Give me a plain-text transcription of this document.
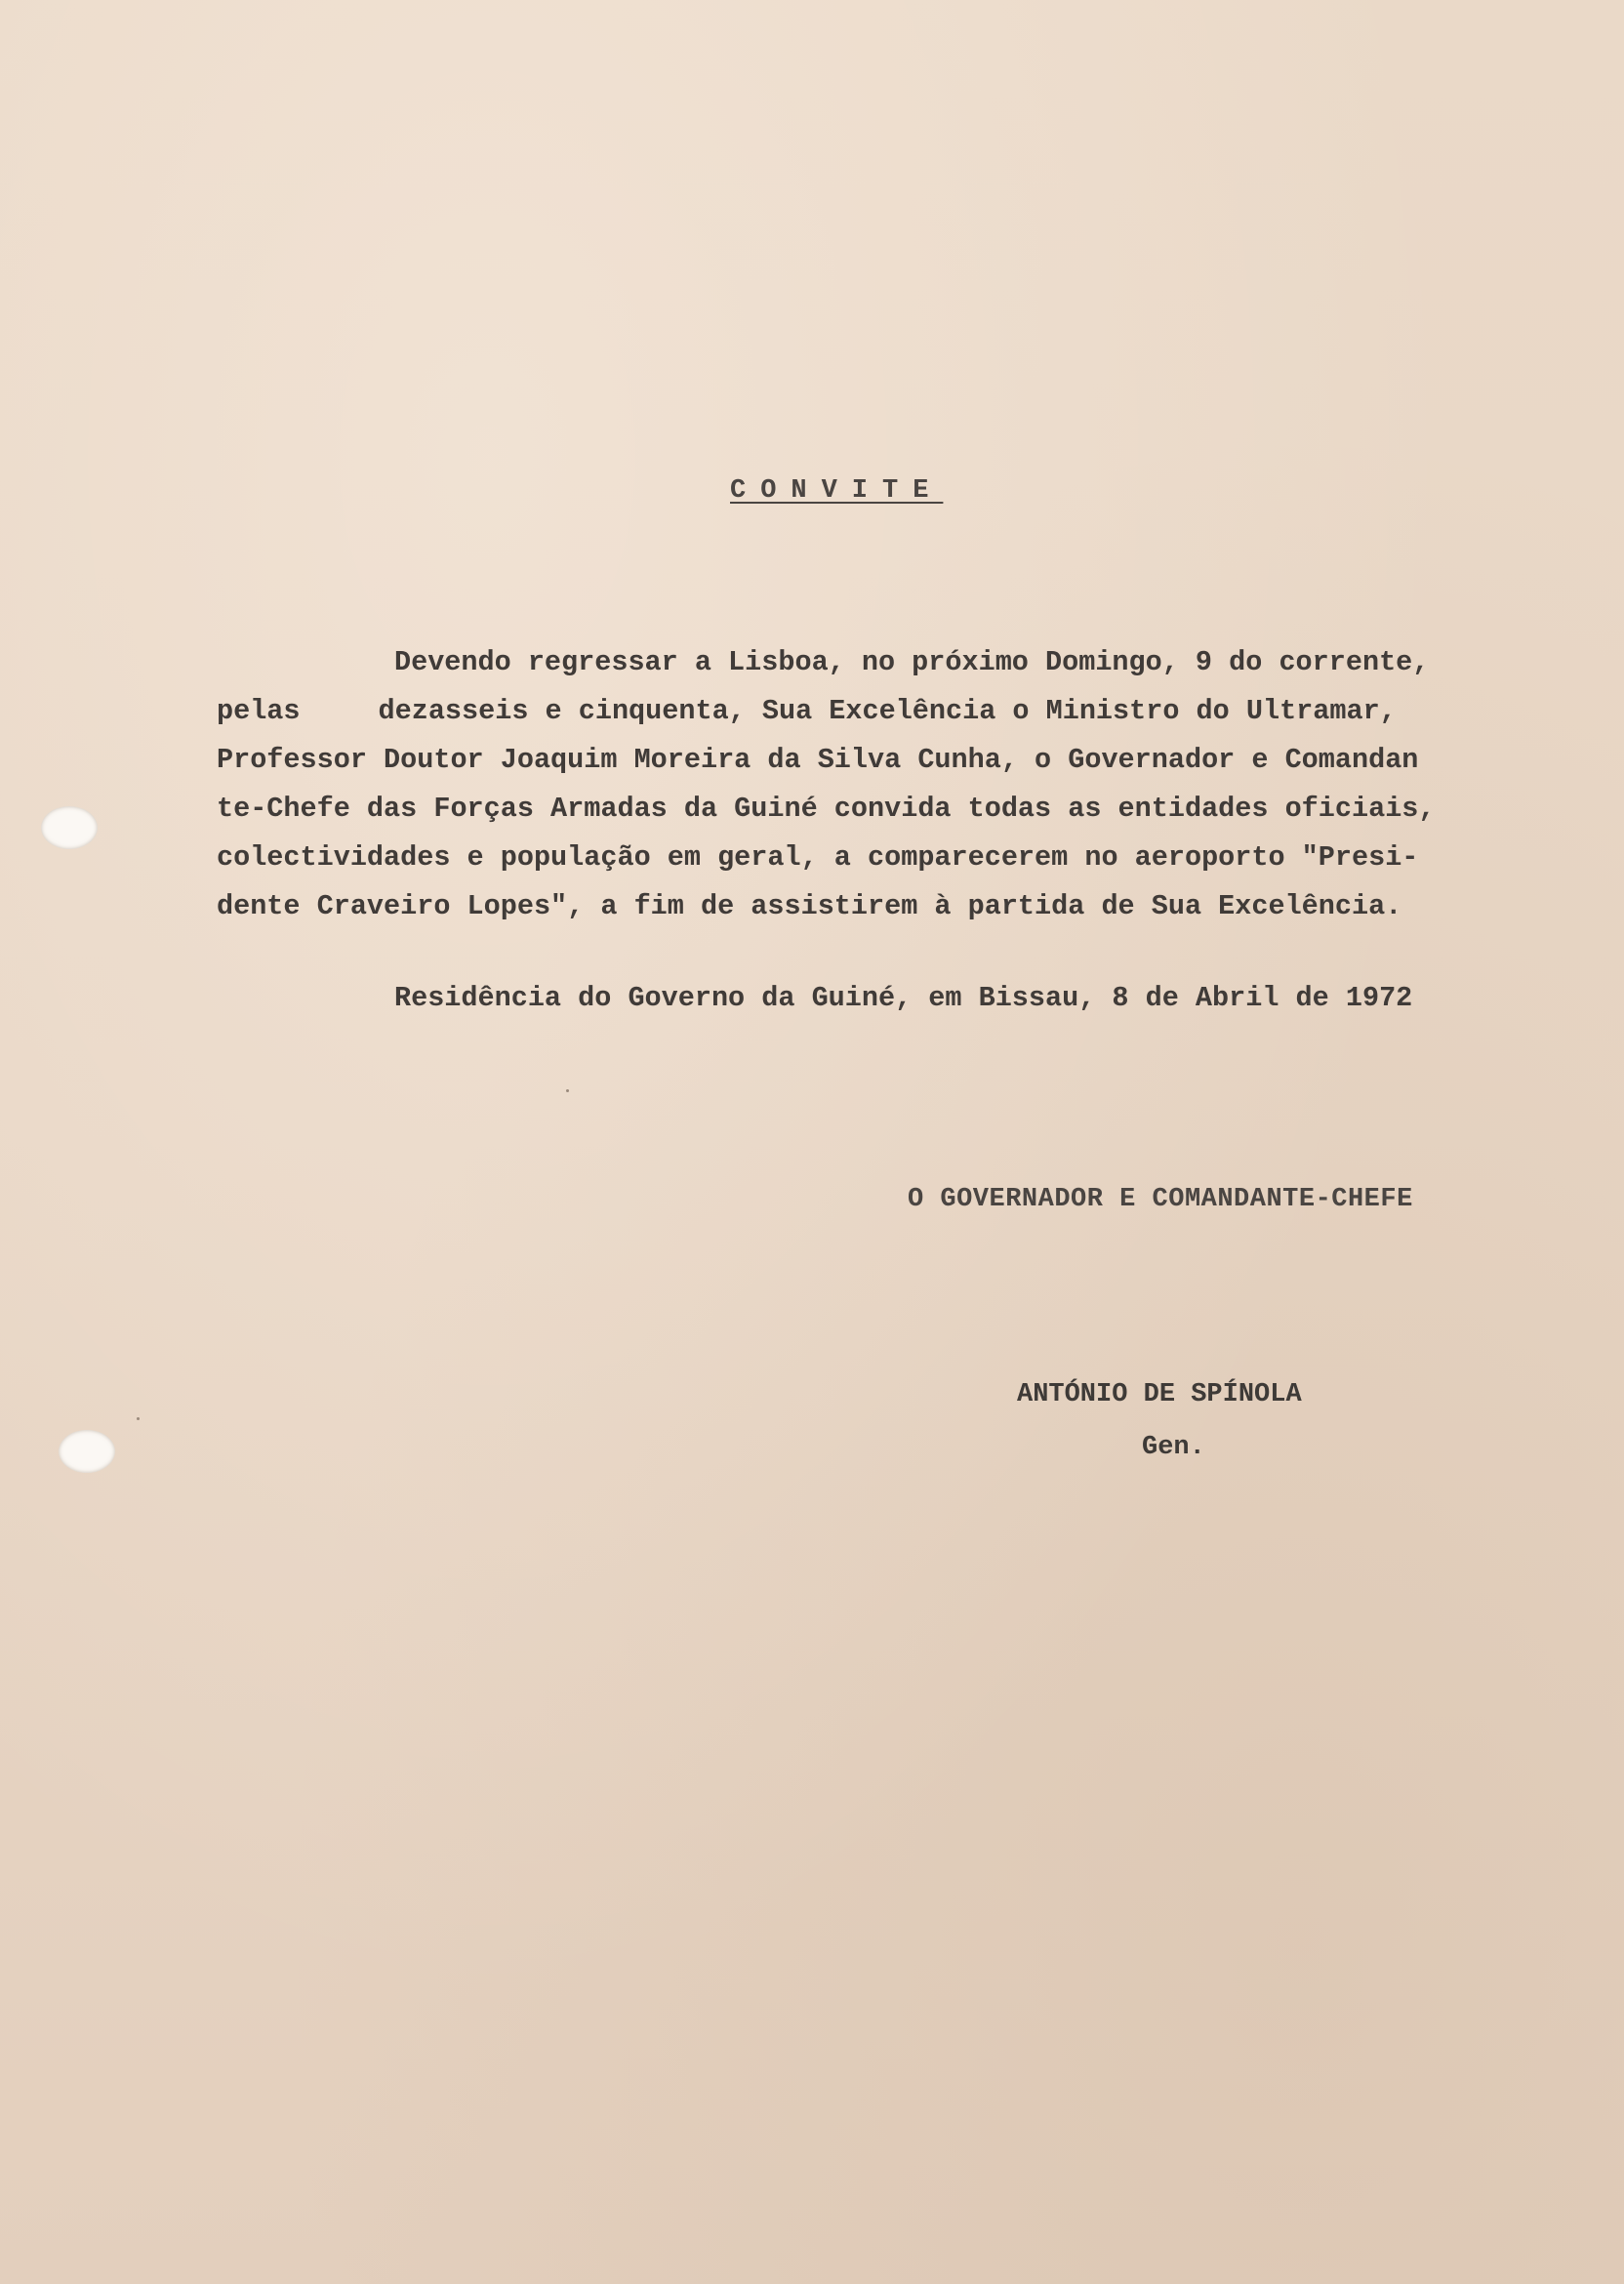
CONVITE
Devendo regressar a Lisboa, no próximo Domingo, 9 do corrente,
pelas	dezasseis e cinquenta, Sua Excelência o Ministro do Ultramar,
Professor Doutor Joaquim Moreira da Silva Cunha, o Governador e Comandan
te-Chefe das Forças Armadas da Guiné convida todas as entidades oficiais,
colectividades e população em geral, a comparecerem no aeroporto "Presi-
dente Craveiro Lopes", a fim de assistirem à partida de Sua Excelência.
Residência do Governo da Guiné, em Bissau, 8 de Abril de 1972
O GOVERNADOR E COMANDANTE-CHEFE
ANTÓNIO DE SPÍNOLA
Gen.
